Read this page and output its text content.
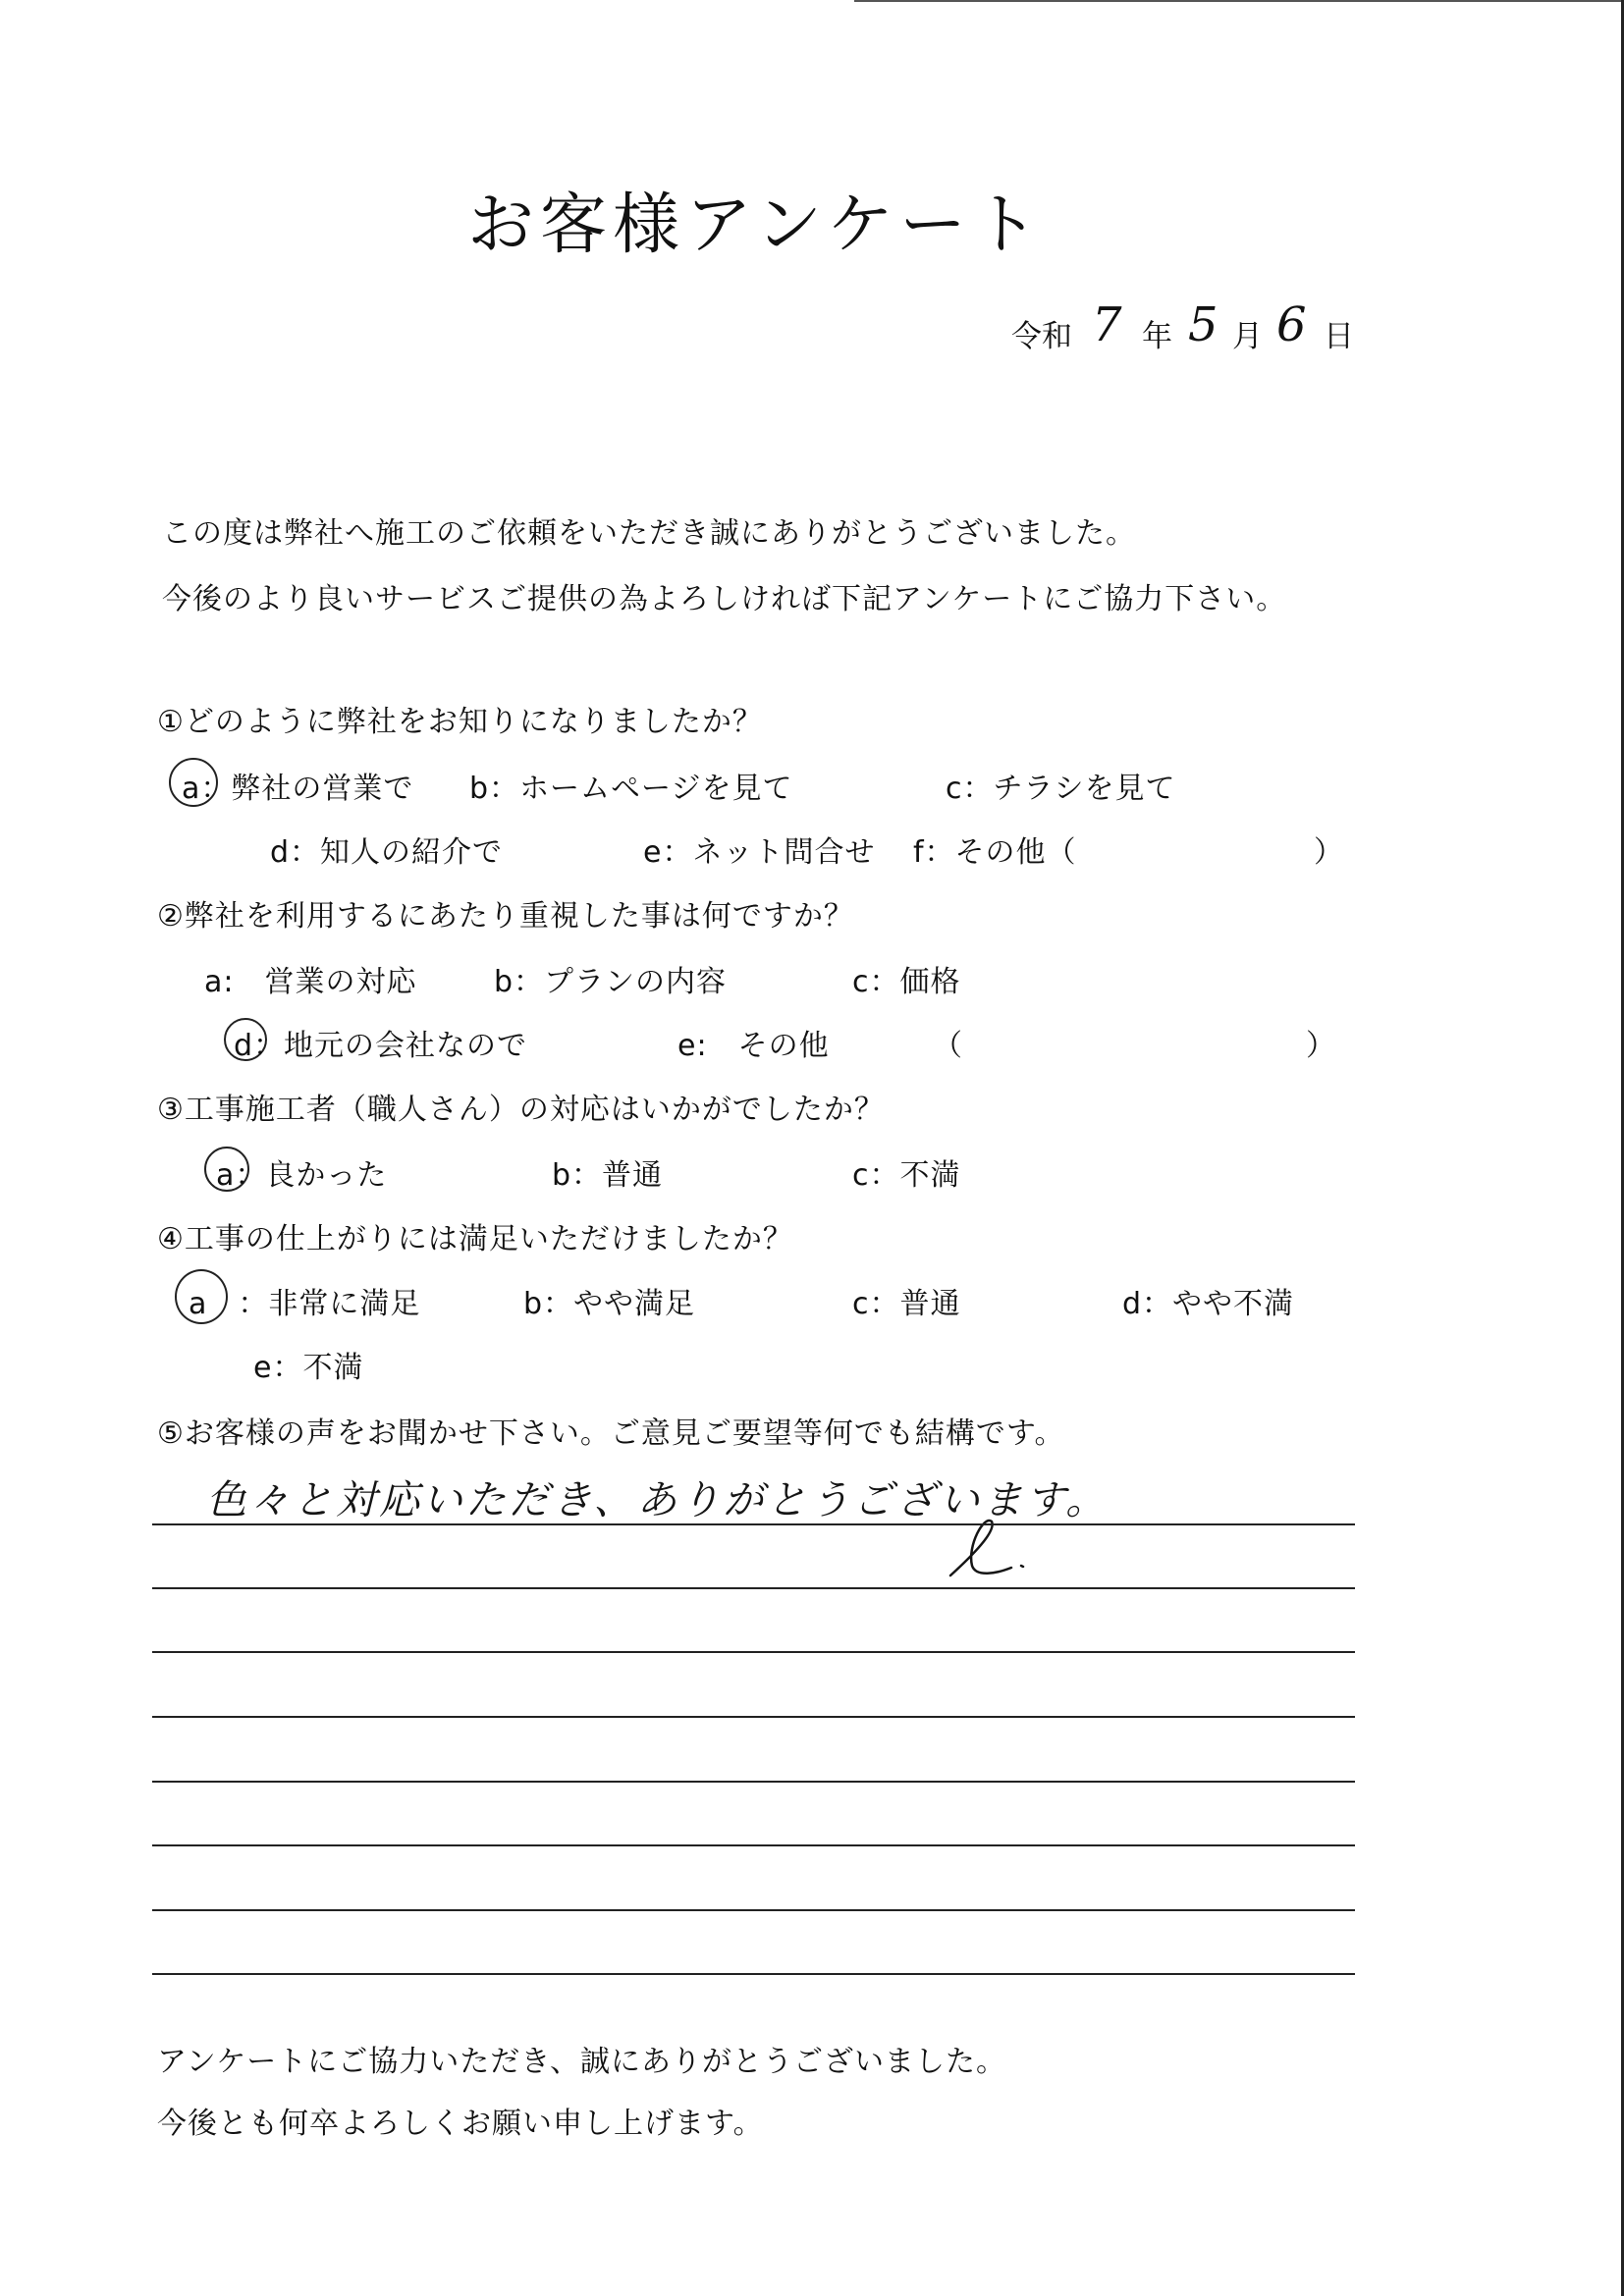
お客様アンケート
令和 7 年 5 月 6 日
この度は弊社へ施工のご依頼をいただき誠にありがとうございました。
今後のより良いサービスご提供の為よろしければ下記アンケートにご協力下さい。
①どのように弊社をお知りになりましたか？
a：弊社の営業で b：ホームページを見て	c：チラシを見て
d：知人の紹介で	e：ネット問合せ f：その他（	）
②弊社を利用するにあたり重視した事は何ですか？
a:　営業の対応	b：プランの内容	c：価格
d：地元の会社なので	e:　その他	（	）
③工事施工者（職人さん）の対応はいかがでしたか？
a：良かった	b：普通	c：不満
④工事の仕上がりには満足いただけましたか？
a　：非常に満足	b：やや満足	c：普通	d：やや不満
e：不満
⑤お客様の声をお聞かせ下さい。ご意見ご要望等何でも結構です。
色々と対応いただき、ありがとうございます。
アンケートにご協力いただき、誠にありがとうございました。
今後とも何卒よろしくお願い申し上げます。
